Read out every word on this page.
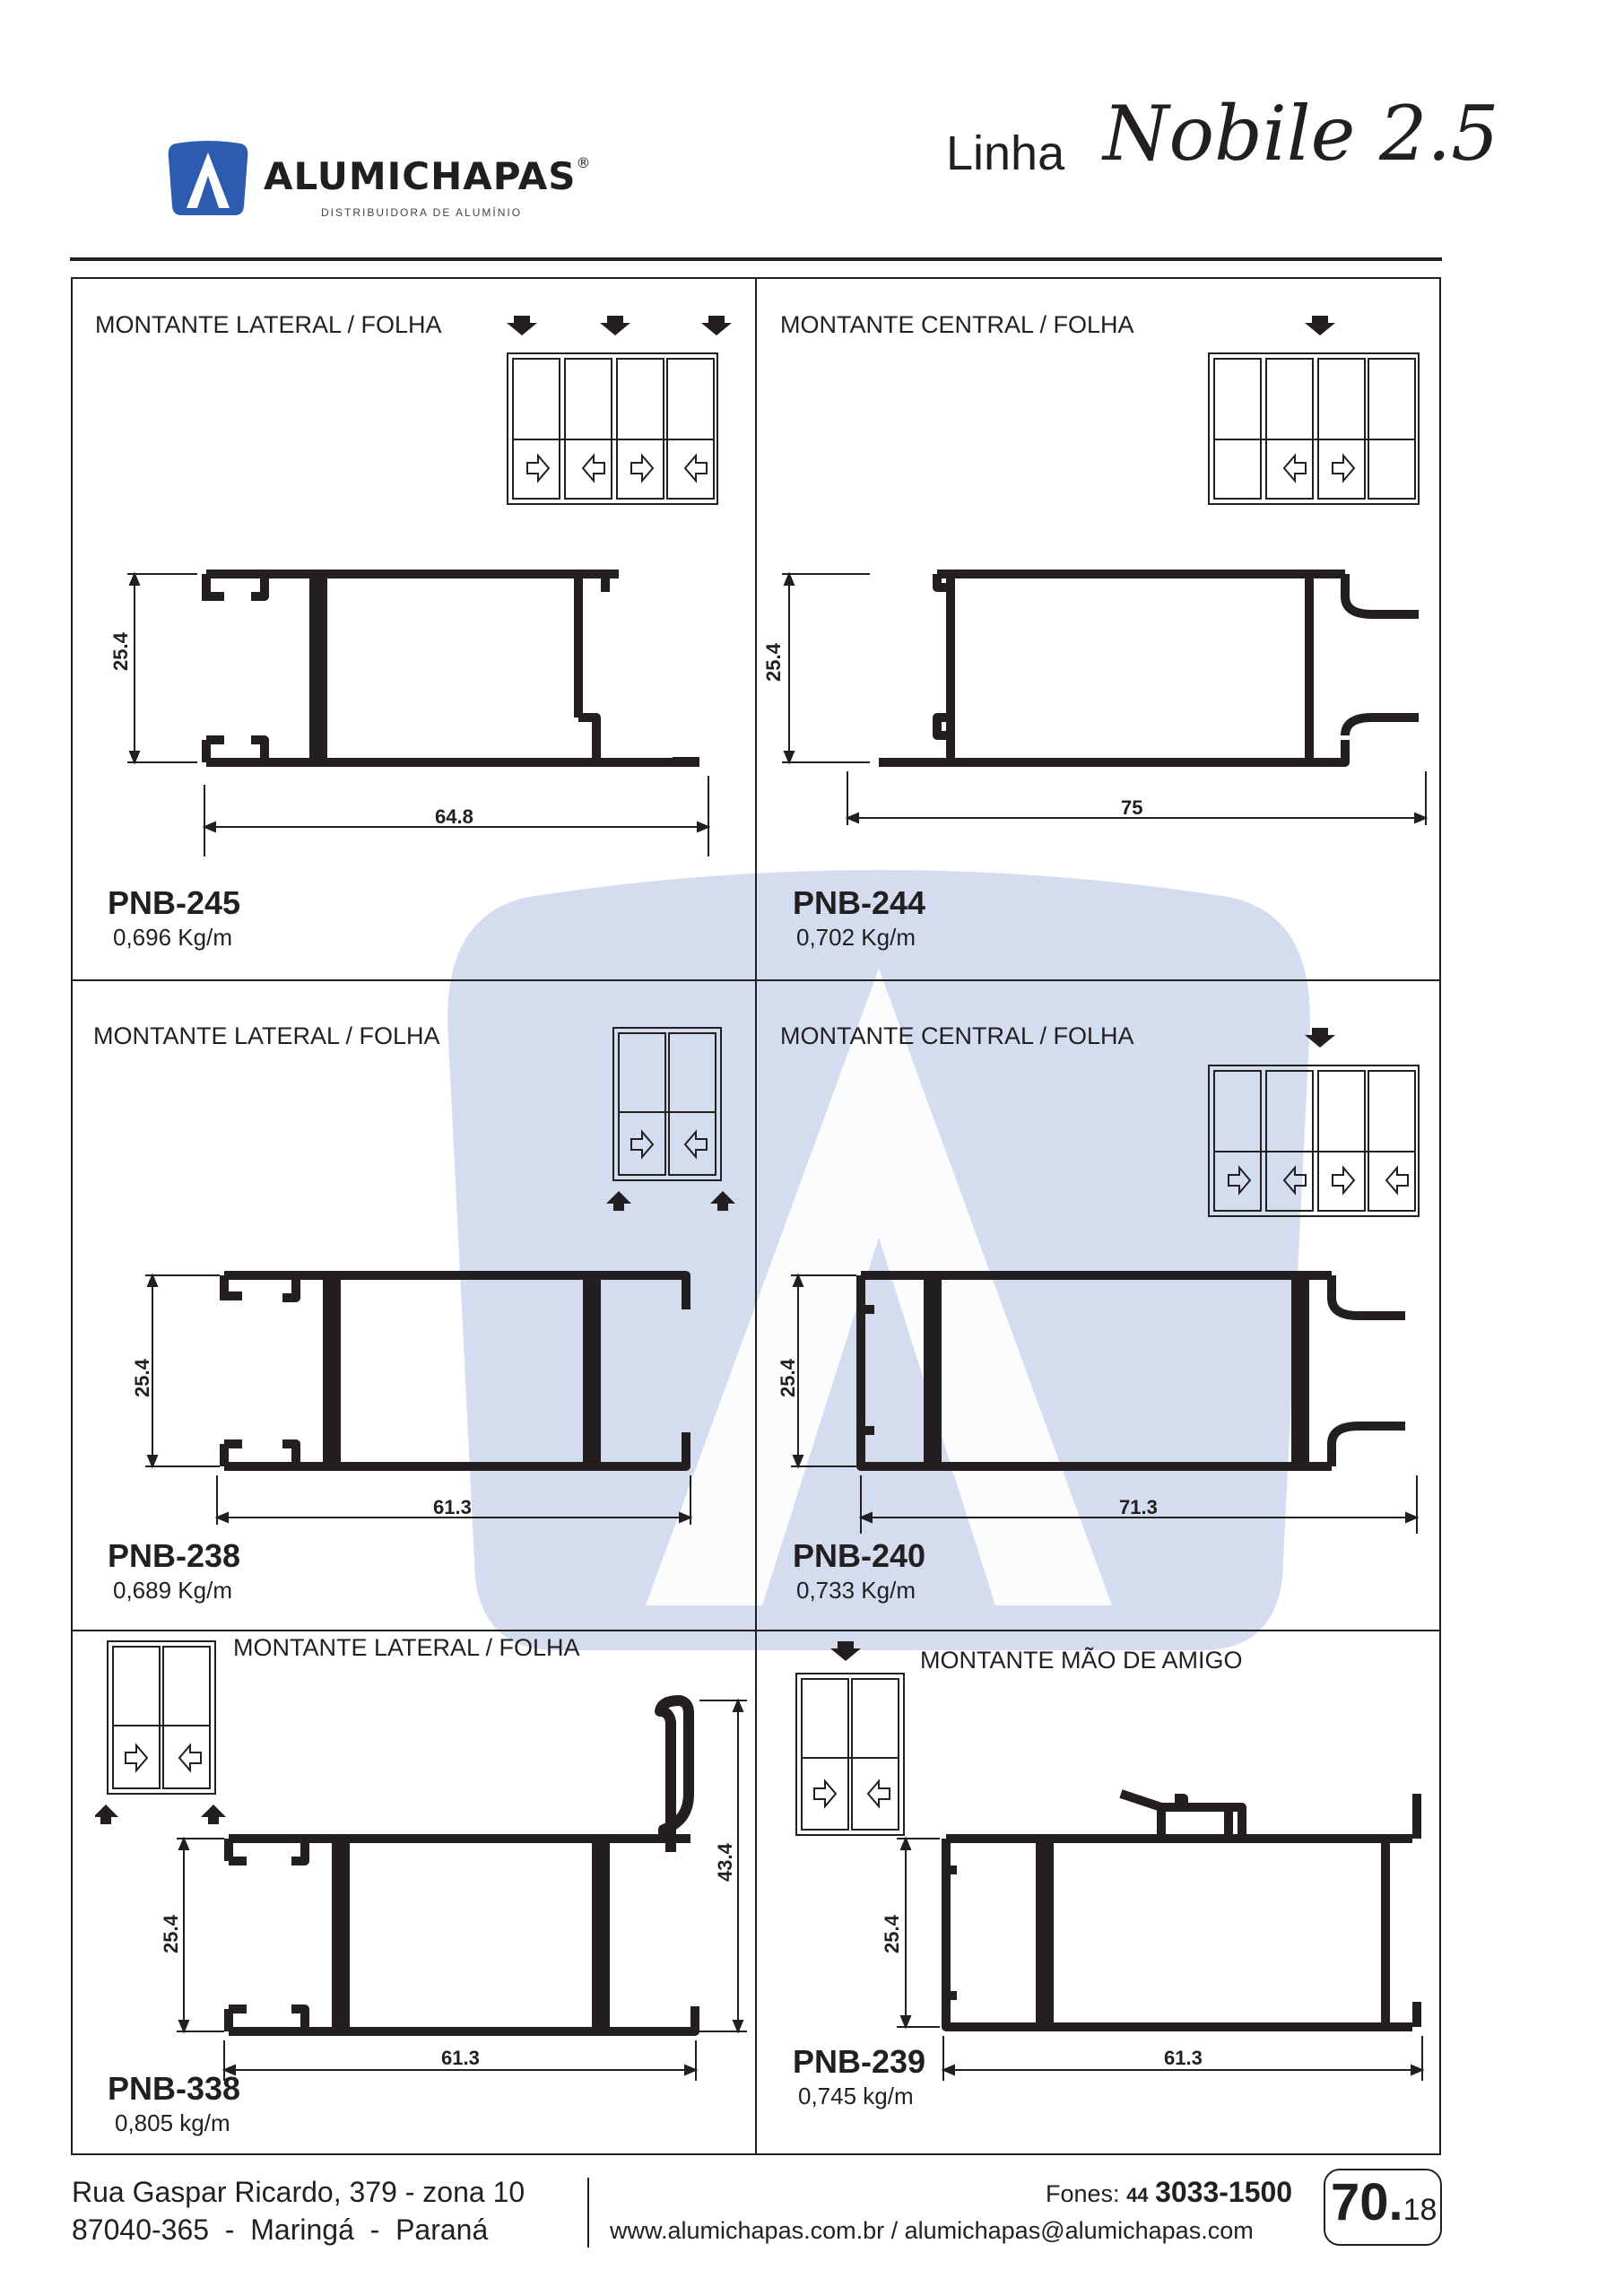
ALUMICHAPAS®
DISTRIBUIDORA DE ALUMÍNIO
Linha Nobile 2.5
MONTANTE LATERAL / FOLHA
25.4
64.8
PNB-245
0,696 Kg/m
MONTANTE CENTRAL / FOLHA
25.4
75
PNB-244
0,702 Kg/m
MONTANTE LATERAL / FOLHA
25.4
61.3
PNB-238
0,689 Kg/m
MONTANTE CENTRAL / FOLHA
25.4
71.3
PNB-240
0,733 Kg/m
MONTANTE LATERAL / FOLHA
25.4
43.4
61.3
PNB-338
0,805 kg/m
MONTANTE MÃO DE AMIGO
25.4
61.3
PNB-239
0,745 kg/m
Rua Gaspar Ricardo, 379 - zona 10
87040-365  -  Maringá  -  Paraná
Fones: 44 3033-1500
www.alumichapas.com.br / alumichapas@alumichapas.com 70.18
